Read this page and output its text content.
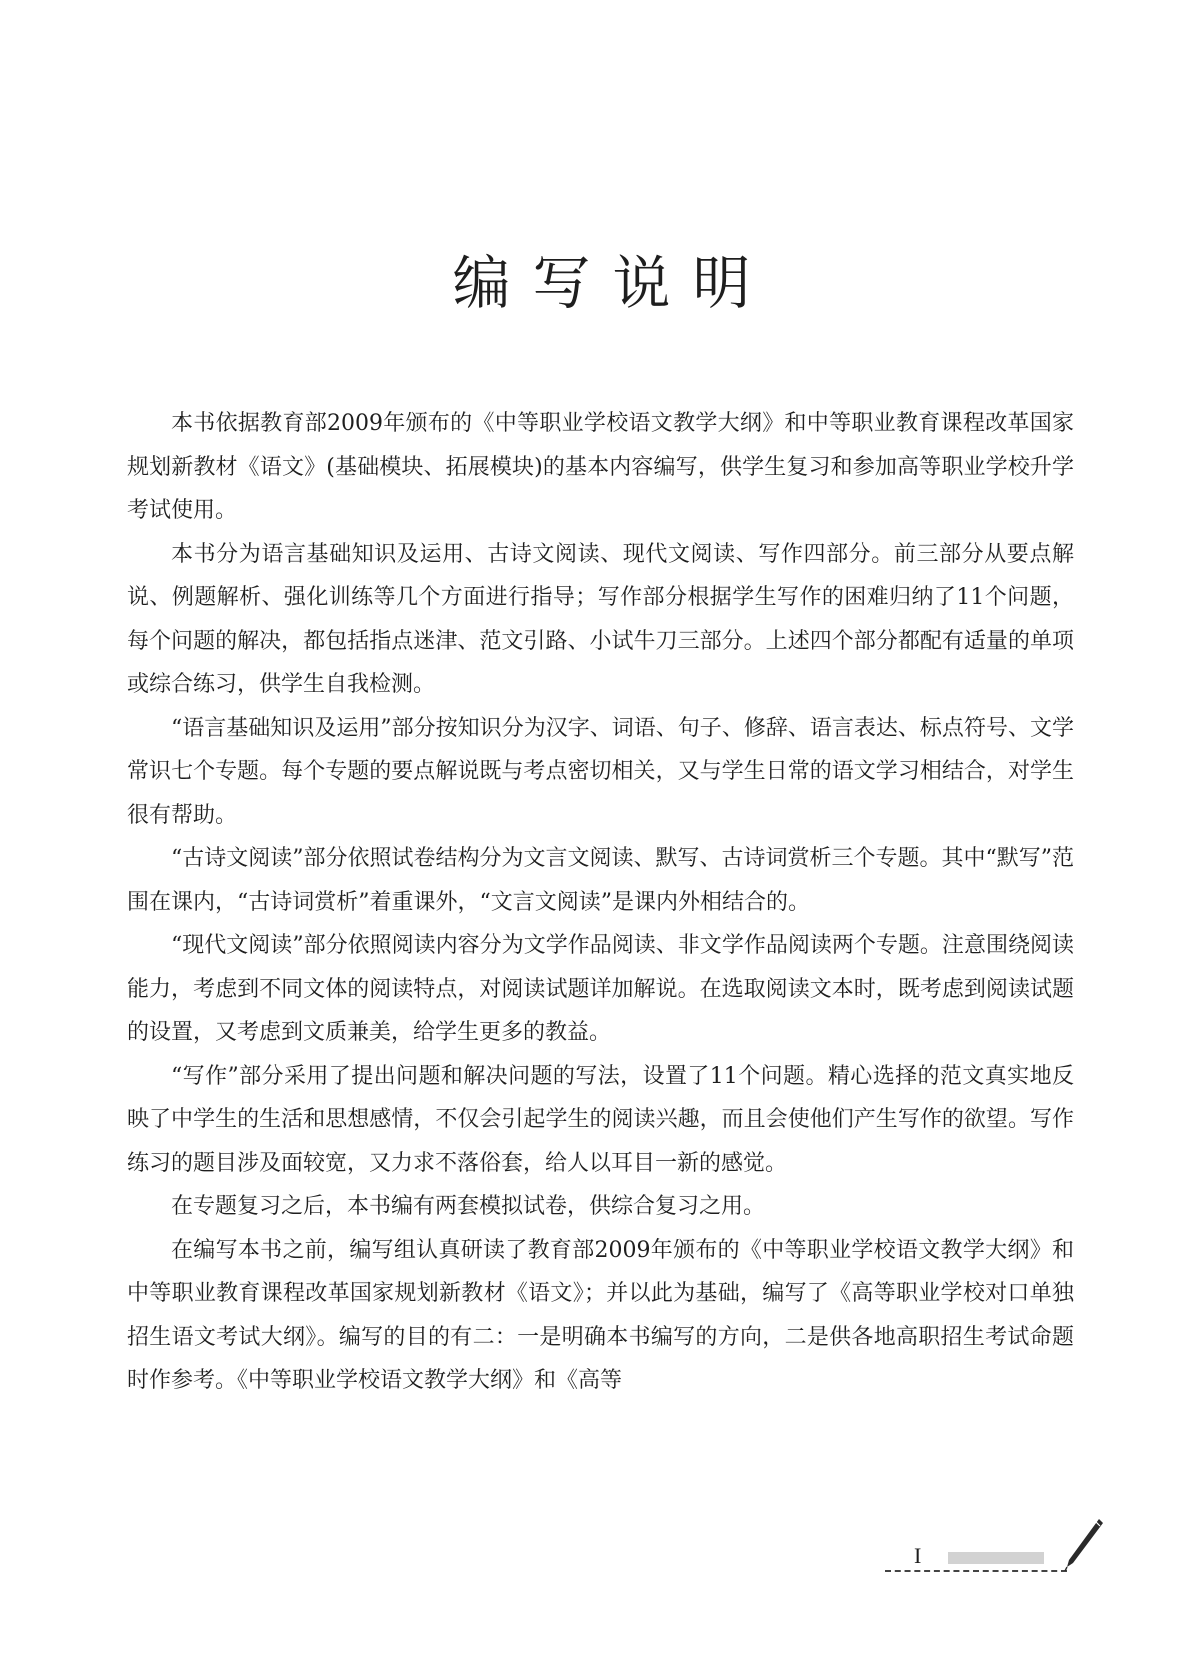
编写说明

本书依据教育部2009年颁布的《中等职业学校语文教学大纲》和中等职业教育课程改革国家规划新教材《语文》(基础模块、拓展模块)的基本内容编写，供学生复习和参加高等职业学校升学考试使用。

本书分为语言基础知识及运用、古诗文阅读、现代文阅读、写作四部分。前三部分从要点解说、例题解析、强化训练等几个方面进行指导；写作部分根据学生写作的困难归纳了11个问题，每个问题的解决，都包括指点迷津、范文引路、小试牛刀三部分。上述四个部分都配有适量的单项或综合练习，供学生自我检测。

“语言基础知识及运用”部分按知识分为汉字、词语、句子、修辞、语言表达、标点符号、文学常识七个专题。每个专题的要点解说既与考点密切相关，又与学生日常的语文学习相结合，对学生很有帮助。

“古诗文阅读”部分依照试卷结构分为文言文阅读、默写、古诗词赏析三个专题。其中“默写”范围在课内，“古诗词赏析”着重课外，“文言文阅读”是课内外相结合的。

“现代文阅读”部分依照阅读内容分为文学作品阅读、非文学作品阅读两个专题。注意围绕阅读能力，考虑到不同文体的阅读特点，对阅读试题详加解说。在选取阅读文本时，既考虑到阅读试题的设置，又考虑到文质兼美，给学生更多的教益。

“写作”部分采用了提出问题和解决问题的写法，设置了11个问题。精心选择的范文真实地反映了中学生的生活和思想感情，不仅会引起学生的阅读兴趣，而且会使他们产生写作的欲望。写作练习的题目涉及面较宽，又力求不落俗套，给人以耳目一新的感觉。

在专题复习之后，本书编有两套模拟试卷，供综合复习之用。

在编写本书之前，编写组认真研读了教育部2009年颁布的《中等职业学校语文教学大纲》和中等职业教育课程改革国家规划新教材《语文》；并以此为基础，编写了《高等职业学校对口单独招生语文考试大纲》。编写的目的有二：一是明确本书编写的方向，二是供各地高职招生考试命题时作参考。《中等职业学校语文教学大纲》和《高等

I
